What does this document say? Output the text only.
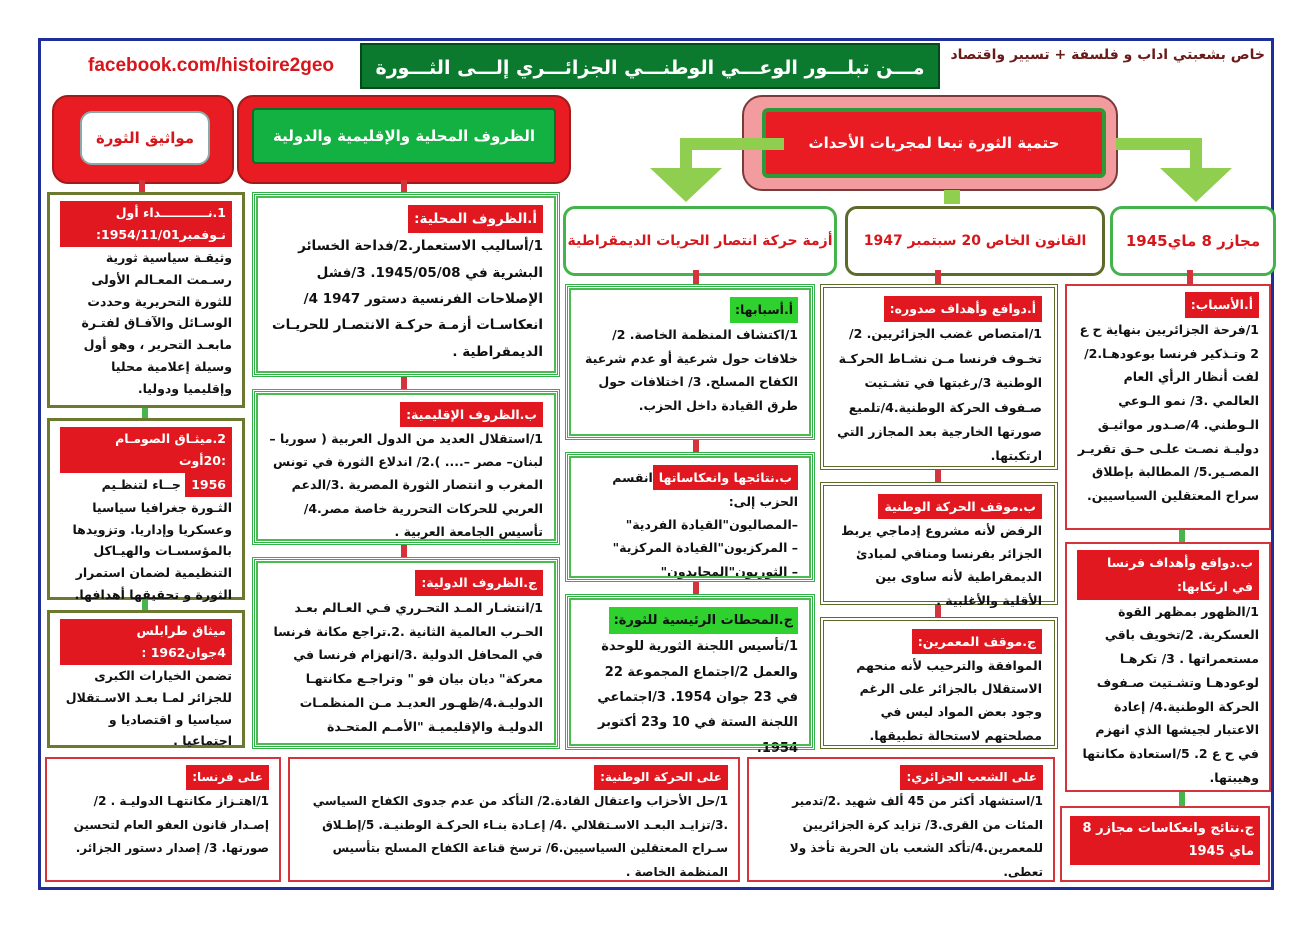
facebook.com/histoire2geo	مـــن تبلـــور الوعـــي الوطنـــي الجزائـــري إلـــى الثـــورة التحريريـــــة
خاص بشعبتي اداب و فلسفة + تسيير واقتصاد
مواثيق الثورة	الظروف المحلية والإقليمية والدولية	حتمية الثورة تبعا لمجريات الأحداث
أزمة حركة انتصار الحريات الديمقراطية	القانون الخاص 20 سبتمبر 1947	مجازر 8 ماي1945
1.نـــــــــــداء أول نـوفمبر1954/11/01: وثيقـة سياسية ثورية رسـمت المعـالم الأولى للثورة التحريرية وحددت الوسـائل والآفـاق لفتـرة مابعـد التحرير ، وهو أول وسيلة إعلامية محليا وإقليميا ودوليا.
2.ميثـاق الصومـام :20أوت 1956 جــاء لتنظـيم الثـورة جغرافيا سياسيا وعسكريا وإداريا. وتزويدها بالمؤسسـات والهيـاكل التنظيمية لضمان استمرار الثورة و تحقيقها أهدافها.
ميثاق طرابلس 4جوان1962 :
تضمن الخيارات الكبرى للجزائر لمـا بعـد الاسـتقلال سياسيا و اقتصاديا و اجتماعيا .
أ.الظروف المحلية:
1/أساليب الاستعمار.2/فداحة الخسائر البشرية في 1945/05/08. 3/فشل الإصلاحات الفرنسية دستور 1947 4/انعكاسـات أزمـة حركـة الانتصـار للحريـات الديمقراطية .
ب.الظروف الإقليمية:
1/استقلال العديد من الدول العربية ( سوريا –لبنان– مصر –.... ).2/ اندلاع الثورة في تونس المغرب و انتصار الثورة المصرية .3/الدعم العربي للحركات التحررية خاصة مصر.4/تأسيس الجامعة العربية .
ج.الظروف الدولية:
1/انتشـار المـد التحـرري فـي العـالم بعـد الحـرب العالمية الثانية .2.تراجع مكانة فرنسا في المحافل الدولية .3/انهزام فرنسا في معركة" ديان بيان فو " وتراجـع مكانتهـا الدوليـة.4/ظهـور العديـد مـن المنظمـات الدوليـة والإقليميـة "الأمـم المتحـدة
أ.أسبابها:
1/اكتشاف المنظمة الخاصة. 2/ خلافات حول شرعية أو عدم شرعية الكفاح المسلح. 3/ اختلافات حول طرق القيادة داخل الحزب.
ب.نتائجها وانعكاساتهاانقسم الحزب إلى:
–المصاليون"القيادة الفردية"
– المركزيون"القيادة المركزية"
– الثوريون"المحايدون"
ج.المحطات الرئيسية للثورة:
1/تأسيس اللجنة الثورية للوحدة والعمل 2/اجتماع المجموعة 22 في 23 جوان 1954. 3/اجتماعي اللجنة الستة في 10 و23 أكتوبر 1954.
أ.دوافع وأهداف صدوره:
1/امتصاص غضب الجزائريين. 2/ تخـوف فرنسا مـن نشـاط الحركـة الوطنية 3/رغبتها في تشـتيت صـفوف الحركة الوطنية.4/تلميع صورتها الخارجية بعد المجازر التي ارتكبتها.
ب.موقف الحركة الوطنية
الرفض لأنه مشروع إدماجي يربط الجزائر بفرنسا ومنافي لمبادئ الديمقراطية لأنه ساوى بين الأقلية والأغلبية .
ج.موقف المعمرين:
الموافقة والترحيب لأنه منحهم الاستقلال بالجزائر على الرغم وجود بعض المواد ليس في مصلحتهم لاستحالة تطبيقها.
أ.الأسباب:
1/فرحة الجزائريين بنهاية ح ع 2 وتـذكير فرنسا بوعودهـا.2/ لفت أنظار الرأي العام العالمي .3/ نمو الـوعي الـوطني. 4/صـدور مواثيـق دوليـة نصـت علـى حـق تقريـر المصـير.5/ المطالبة بإطلاق سراح المعتقلين السياسيين.
ب.دوافع وأهداف فرنسا في ارتكابها:
1/الظهور بمظهر القوة العسكرية. 2/تخويف باقي مستعمراتها . 3/ تكرهـا لوعودهـا وتشـتيت صـفوف الحركة الوطنية.4/ إعادة الاعتبار لجيشها الذي انهزم في ح ع 2. 5/استعادة مكانتها وهيبتها.
ج.نتائج وانعكاسات مجازر 8 ماي 1945
على فرنسا:
1/اهتـزاز مكانتهـا الدوليـة . 2/إصـدار قانون العفو العام لتحسين صورتها. 3/ إصدار دستور الجزائر.
على الحركة الوطنية:
1/حل الأحزاب واعتقال القادة.2/ التأكد من عدم جدوى الكفاح السياسي .3/تزايـد البعـد الاسـتقلالي .4/ إعـادة بنـاء الحركـة الوطنيـة. 5/إطـلاق سـراح المعتقلين السياسيين.6/ ترسخ قناعة الكفاح المسلح بتأسيس المنظمة الخاصة .
على الشعب الجزائري:
1/استشهاد أكثر من 45 ألف شهيد .2/تدمير المئات من القرى.3/ تزايد كرة الجزائريين للمعمرين.4/تأكد الشعب بان الحرية تأخذ ولا تعطى.
